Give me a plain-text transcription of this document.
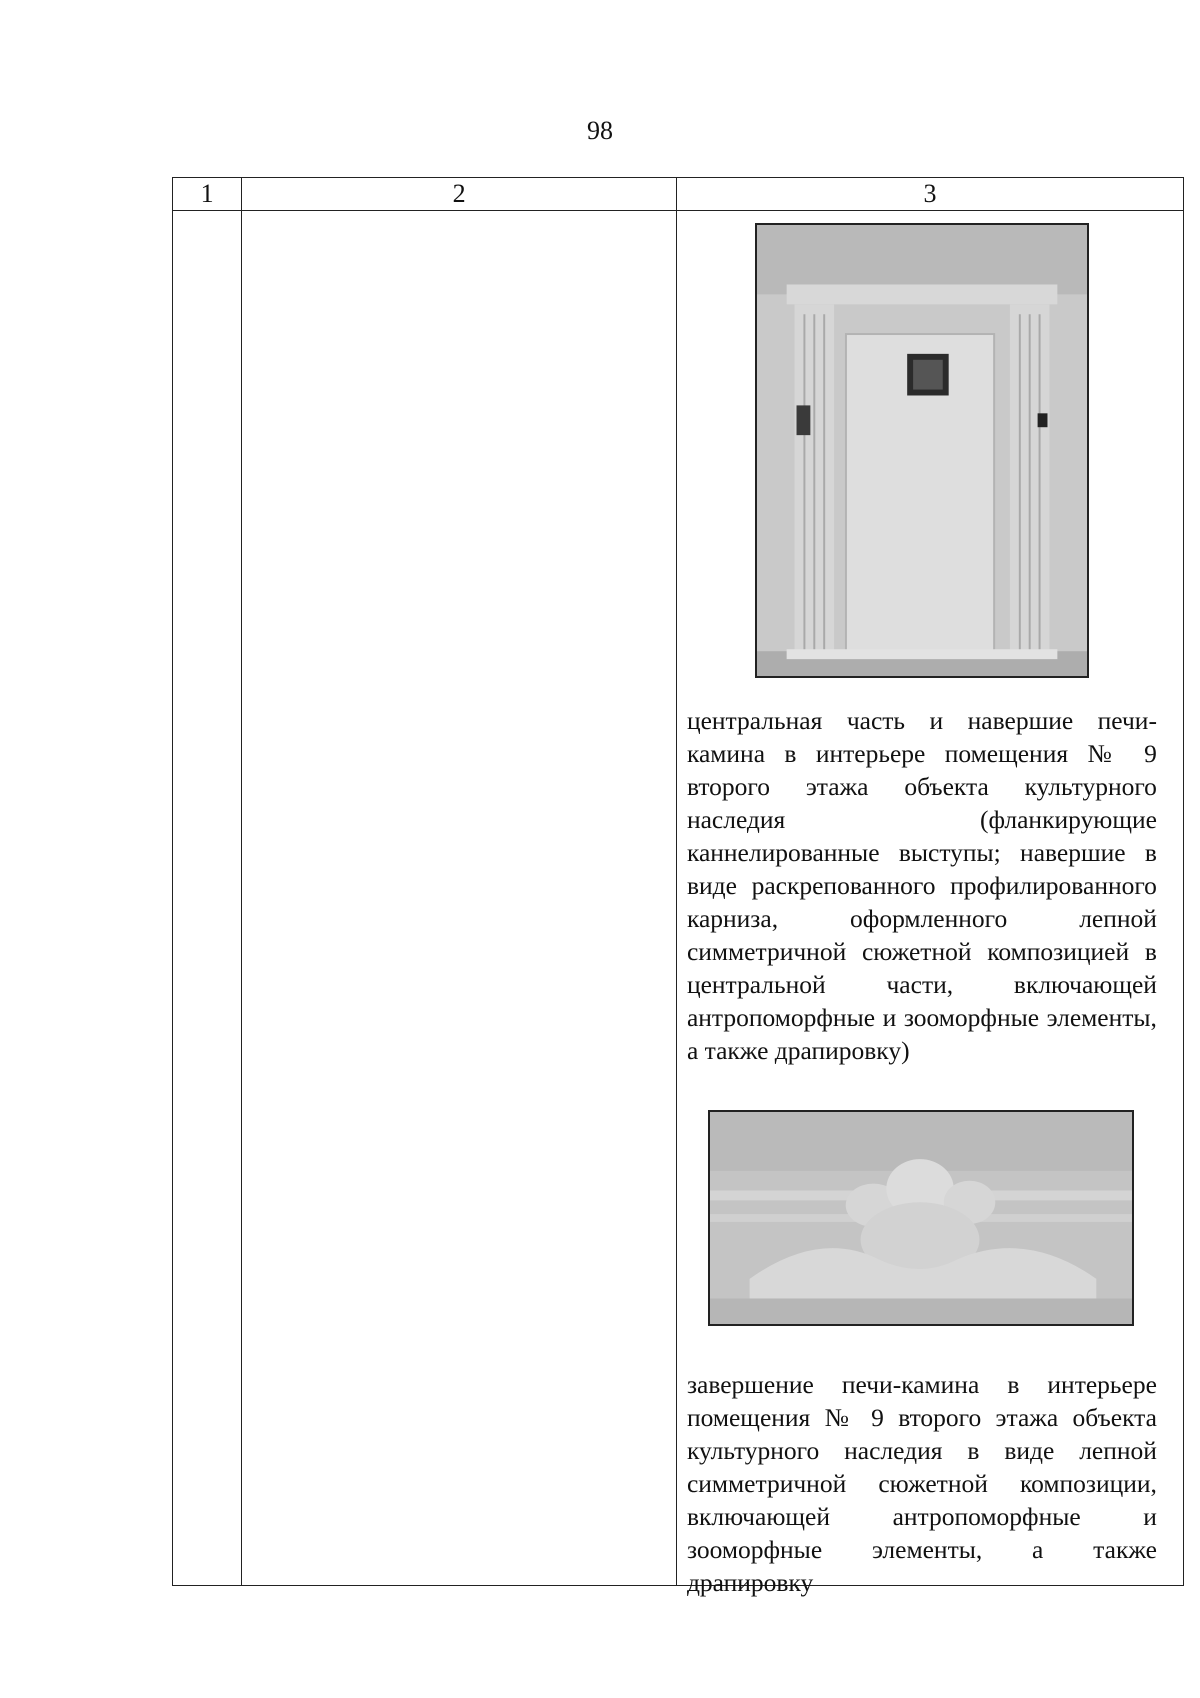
98
1	2	3

		центральная часть и навершие печи-камина в интерьере помещения № 9 второго этажа объекта культурного наследия (фланкирующие каннелированные выступы; навершие в виде раскрепованного профилированного карниза, оформленного лепной симметричной сюжетной композицией в центральной части, включающей антропоморфные и зооморфные элементы, а также драпировку)

завершение печи-камина в интерьере помещения № 9 второго этажа объекта культурного наследия в виде лепной симметричной сюжетной композиции, включающей антропоморфные и зооморфные элементы, а также драпировку
